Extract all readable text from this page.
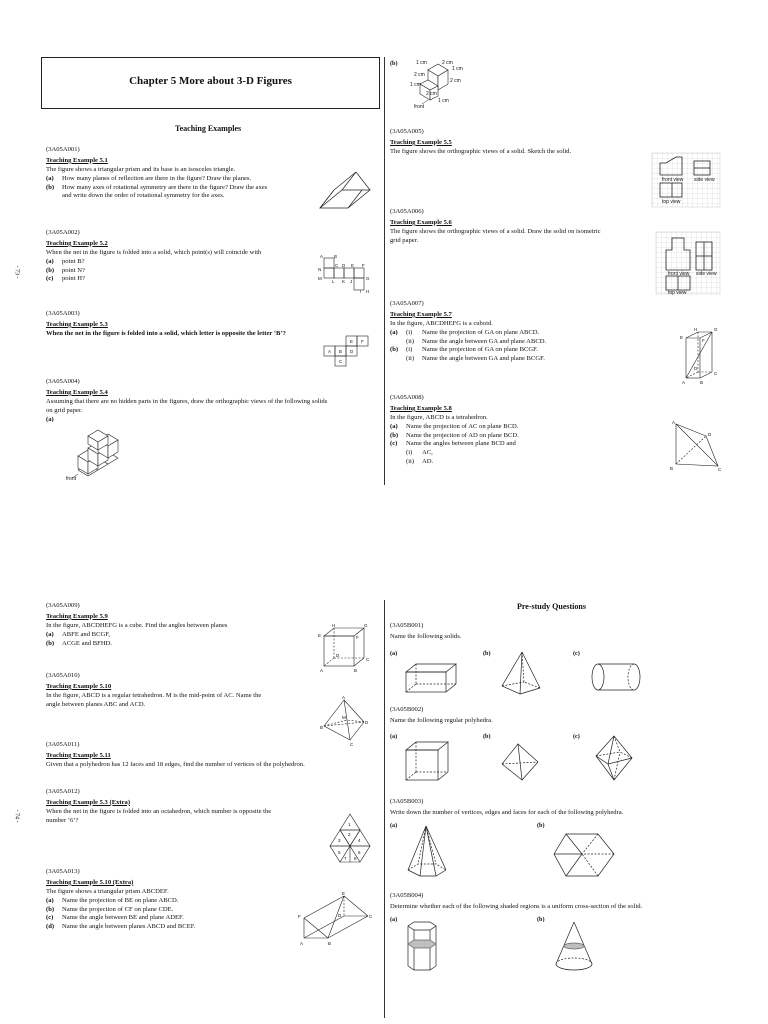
Chapter 5 More about 3-D Figures
Teaching Examples
Pre-study Questions
- 73 -
- 74 -
(3A05A001)
Teaching Example 5.1
The figure shows a triangular prism and its base is an isosceles triangle.
(a)	How many planes of reflection are there in the figure? Draw the planes.
(b)	How many axes of rotational symmetry are there in the figure? Draw the axes
and write down the order of rotational symmetry for the axes.
(3A05A002)
Teaching Example 5.2
When the net in the figure is folded into a solid, which point(s) will coincide with
(a)	point B?
(b)	point N?
(c)	point H?
A B
N
C D E F
M
L K J
G
H
I
(3A05A003)
Teaching Example 5.3
When the net in the figure is folded into a solid, which letter is opposite the letter ‘B’?
E F
A B D
C
(3A05A004)
Teaching Example 5.4
Assuming that there are no hidden parts in the figures, draw the orthographic views of the following solids
on grid paper.
(a)
front
(b)	1 cm	2 cm
1 cm
2 cm
2 cm
1 cm
2 cm
1 cm
front
(3A05A005)
Teaching Example 5.5
The figure shows the orthographic views of a solid. Sketch the solid.
front view side view
top view
(3A05A006)
Teaching Example 5.6
The figure shows the orthographic views of a solid. Draw the solid on isometric
grid paper.
front view side view
top view
(3A05A007)
Teaching Example 5.7
In the figure, ABCDHEFG is a cuboid.
(a)	(i)	Name the projection of GA on plane ABCD.
(ii)	Name the angle between GA and plane ABCD.
(b)	(i)	Name the projection of GA on plane BCGF.
(ii)	Name the angle between GA and plane BCGF.
H	G
E
F
D
C
A	B
(3A05A008)
Teaching Example 5.8
In the figure, ABCD is a tetrahedron.
(a)	Name the projection of AC on plane BCD.
(b)	Name the projection of AD on plane BCD.
(c)	Name the angles between plane BCD and
(i)	AC,
(ii)	AD.
A
D
B	C
(3A05A009)
Teaching Example 5.9
In the figure, ABCDHEFG is a cube. Find the angles between planes
(a)	ABFE and BCGF,
(b)	ACGE and BFHD.
H	G
E	F
D
C
A	B
(3A05A010)
Teaching Example 5.10
In the figure, ABCD is a regular tetrahedron. M is the mid-point of AC. Name the
angle between planes ABC and ACD.
A
M
B
D
C
(3A05A011)
Teaching Example 5.11
Given that a polyhedron has 12 faces and 18 edges, find the number of vertices of the polyhedron.
(3A05A012)
Teaching Example 5.3 (Extra)
When the net in the figure is folded into an octahedron, which number is opposite the
number ‘6’?
1
2
3	4
5	6
7 8
(3A05A013)
Teaching Example 5.10 (Extra)
The figure shows a triangular prism ABCDEF.
(a)	Name the projection of BE on plane ABCD.
(b)	Name the projection of CF on plane CDE.
(c)	Name the angle between BE and plane ADEF.
(d)	Name the angle between planes ABCD and BCEF.
E
F	D	C
A	B
(3A05B001)
Name the following solids.
(a)	(b)	(c)
(3A05B002)
Name the following regular polyhedra.
(a)	(b)	(c)
(3A05B003)
Write down the number of vertices, edges and faces for each of the following polyhedra.
(a)	(b)
(3A05B004)
Determine whether each of the following shaded regions is a uniform cross-section of the solid.
(a)	(b)
